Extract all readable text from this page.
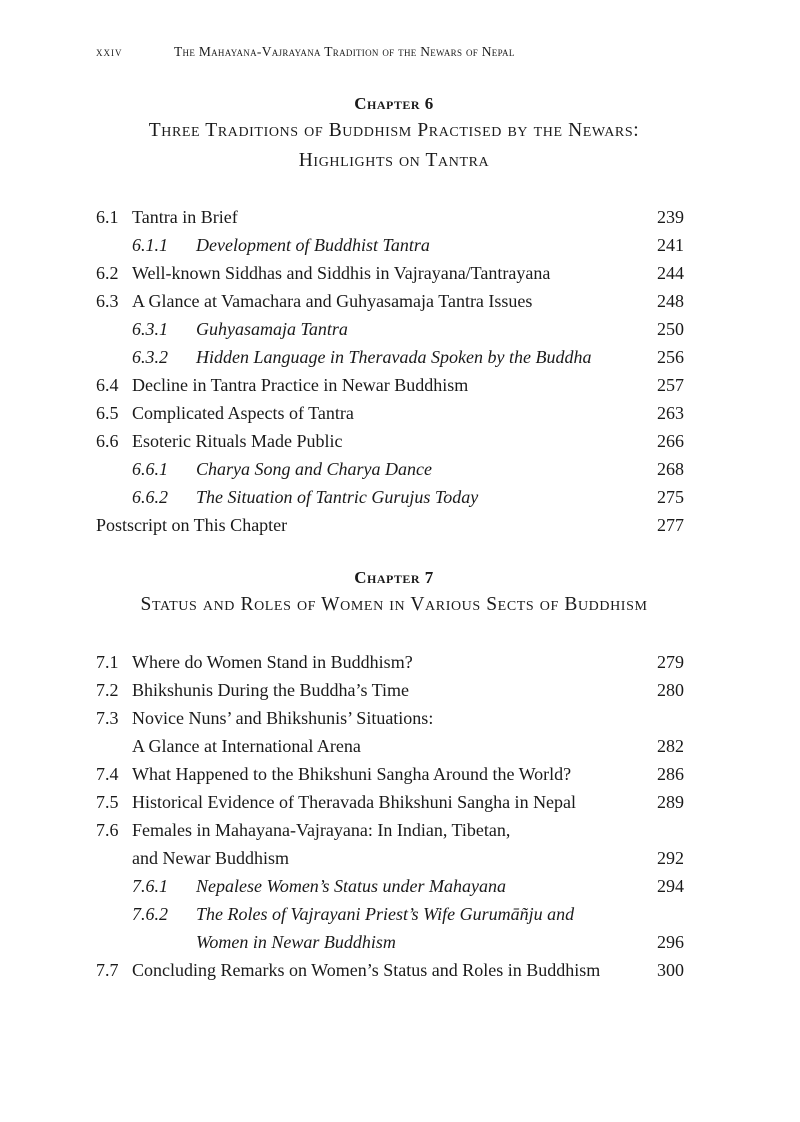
xxiv	The Mahayana-Vajrayana Tradition of the Newars of Nepal
Chapter 6
Three Traditions of Buddhism Practised by the Newars:
Highlights on Tantra
6.1 Tantra in Brief	239
6.1.1 Development of Buddhist Tantra	241
6.2 Well-known Siddhas and Siddhis in Vajrayana/Tantrayana	244
6.3 A Glance at Vamachara and Guhyasamaja Tantra Issues	248
6.3.1 Guhyasamaja Tantra	250
6.3.2 Hidden Language in Theravada Spoken by the Buddha	256
6.4 Decline in Tantra Practice in Newar Buddhism	257
6.5 Complicated Aspects of Tantra	263
6.6 Esoteric Rituals Made Public	266
6.6.1 Charya Song and Charya Dance	268
6.6.2 The Situation of Tantric Gurujus Today	275
Postscript on This Chapter	277
Chapter 7
Status and Roles of Women in Various Sects of Buddhism
7.1 Where do Women Stand in Buddhism?	279
7.2 Bhikshunis During the Buddha’s Time	280
7.3 Novice Nuns’ and Bhikshunis’ Situations:
A Glance at International Arena	282
7.4 What Happened to the Bhikshuni Sangha Around the World?	286
7.5 Historical Evidence of Theravada Bhikshuni Sangha in Nepal	289
7.6 Females in Mahayana-Vajrayana: In Indian, Tibetan,
and Newar Buddhism	292
7.6.1 Nepalese Women’s Status under Mahayana	294
7.6.2 The Roles of Vajrayani Priest’s Wife Gurumāñju and
Women in Newar Buddhism	296
7.7 Concluding Remarks on Women’s Status and Roles in Buddhism	300
